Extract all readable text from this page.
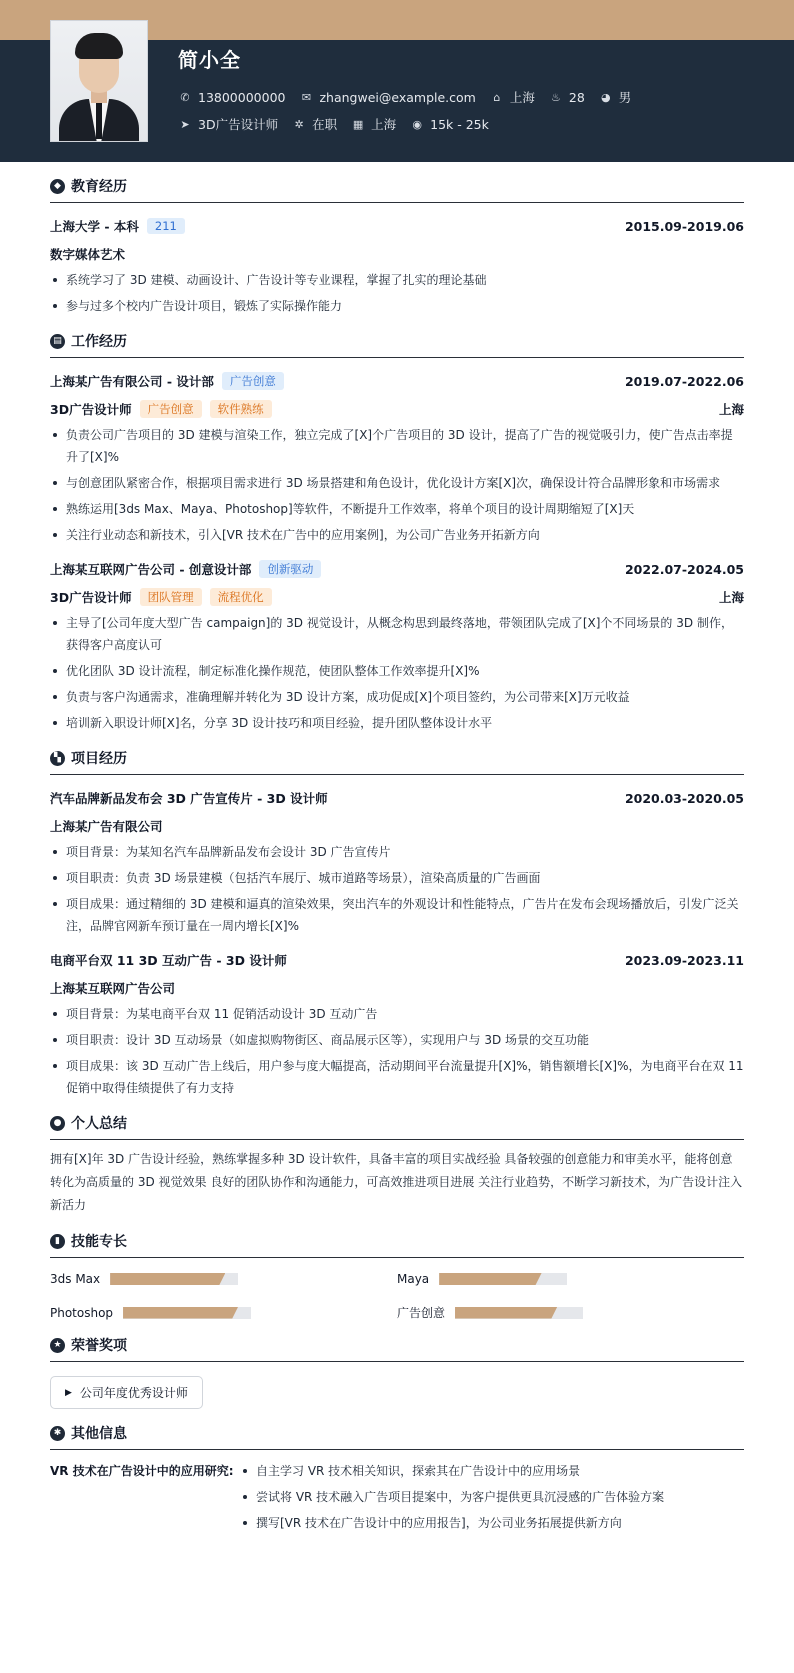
简小全
✆ 13800000000 ✉ zhangwei@example.com	⌂ 上海 ♨ 28 ◕ 男
➤ 3D广告设计师 ✲ 在职 ▦ 上海 ◉ 15k - 25k
◆ 教育经历
上海大学 - 本科	211	2015.09-2019.06
数字媒体艺术
系统学习了 3D 建模、动画设计、广告设计等专业课程，掌握了扎实的理论基础
参与过多个校内广告设计项目，锻炼了实际操作能力
▤ 工作经历
上海某广告有限公司 - 设计部	广告创意	2019.07-2022.06
3D广告设计师	广告创意	软件熟练	上海
负责公司广告项目的 3D 建模与渲染工作，独立完成了[X]个广告项目的 3D 设计，提高了广告的视觉吸引力，使广告点击率提升了[X]%
与创意团队紧密合作，根据项目需求进行 3D 场景搭建和角色设计，优化设计方案[X]次，确保设计符合品牌形象和市场需求
熟练运用[3ds Max、Maya、Photoshop]等软件，不断提升工作效率，将单个项目的设计周期缩短了[X]天
关注行业动态和新技术，引入[VR 技术在广告中的应用案例]，为公司广告业务开拓新方向
上海某互联网广告公司 - 创意设计部	创新驱动	2022.07-2024.05
3D广告设计师	团队管理	流程优化	上海
主导了[公司年度大型广告 campaign]的 3D 视觉设计，从概念构思到最终落地，带领团队完成了[X]个不同场景的 3D 制作，获得客户高度认可
优化团队 3D 设计流程，制定标准化操作规范，使团队整体工作效率提升[X]%
负责与客户沟通需求，准确理解并转化为 3D 设计方案，成功促成[X]个项目签约，为公司带来[X]万元收益
培训新入职设计师[X]名，分享 3D 设计技巧和项目经验，提升团队整体设计水平
▚ 项目经历
汽车品牌新品发布会 3D 广告宣传片 - 3D 设计师	2020.03-2020.05
上海某广告有限公司
项目背景：为某知名汽车品牌新品发布会设计 3D 广告宣传片
项目职责：负责 3D 场景建模（包括汽车展厅、城市道路等场景），渲染高质量的广告画面
项目成果：通过精细的 3D 建模和逼真的渲染效果，突出汽车的外观设计和性能特点，广告片在发布会现场播放后，引发广泛关注，品牌官网新车预订量在一周内增长[X]%
电商平台双 11 3D 互动广告 - 3D 设计师	2023.09-2023.11
上海某互联网广告公司
项目背景：为某电商平台双 11 促销活动设计 3D 互动广告
项目职责：设计 3D 互动场景（如虚拟购物街区、商品展示区等），实现用户与 3D 场景的交互功能
项目成果：该 3D 互动广告上线后，用户参与度大幅提高，活动期间平台流量提升[X]%，销售额增长[X]%，为电商平台在双 11 促销中取得佳绩提供了有力支持
● 个人总结
拥有[X]年 3D 广告设计经验，熟练掌握多种 3D 设计软件，具备丰富的项目实战经验 具备较强的创意能力和审美水平，能将创意转化为高质量的 3D 视觉效果 良好的团队协作和沟通能力，可高效推进项目进展 关注行业趋势，不断学习新技术，为广告设计注入新活力
▮ 技能专长
3ds Max	Maya
Photoshop	广告创意
★ 荣誉奖项
▶ 公司年度优秀设计师
✱ 其他信息
VR 技术在广告设计中的应用研究:	自主学习 VR 技术相关知识，探索其在广告设计中的应用场景
尝试将 VR 技术融入广告项目提案中，为客户提供更具沉浸感的广告体验方案
撰写[VR 技术在广告设计中的应用报告]，为公司业务拓展提供新方向
